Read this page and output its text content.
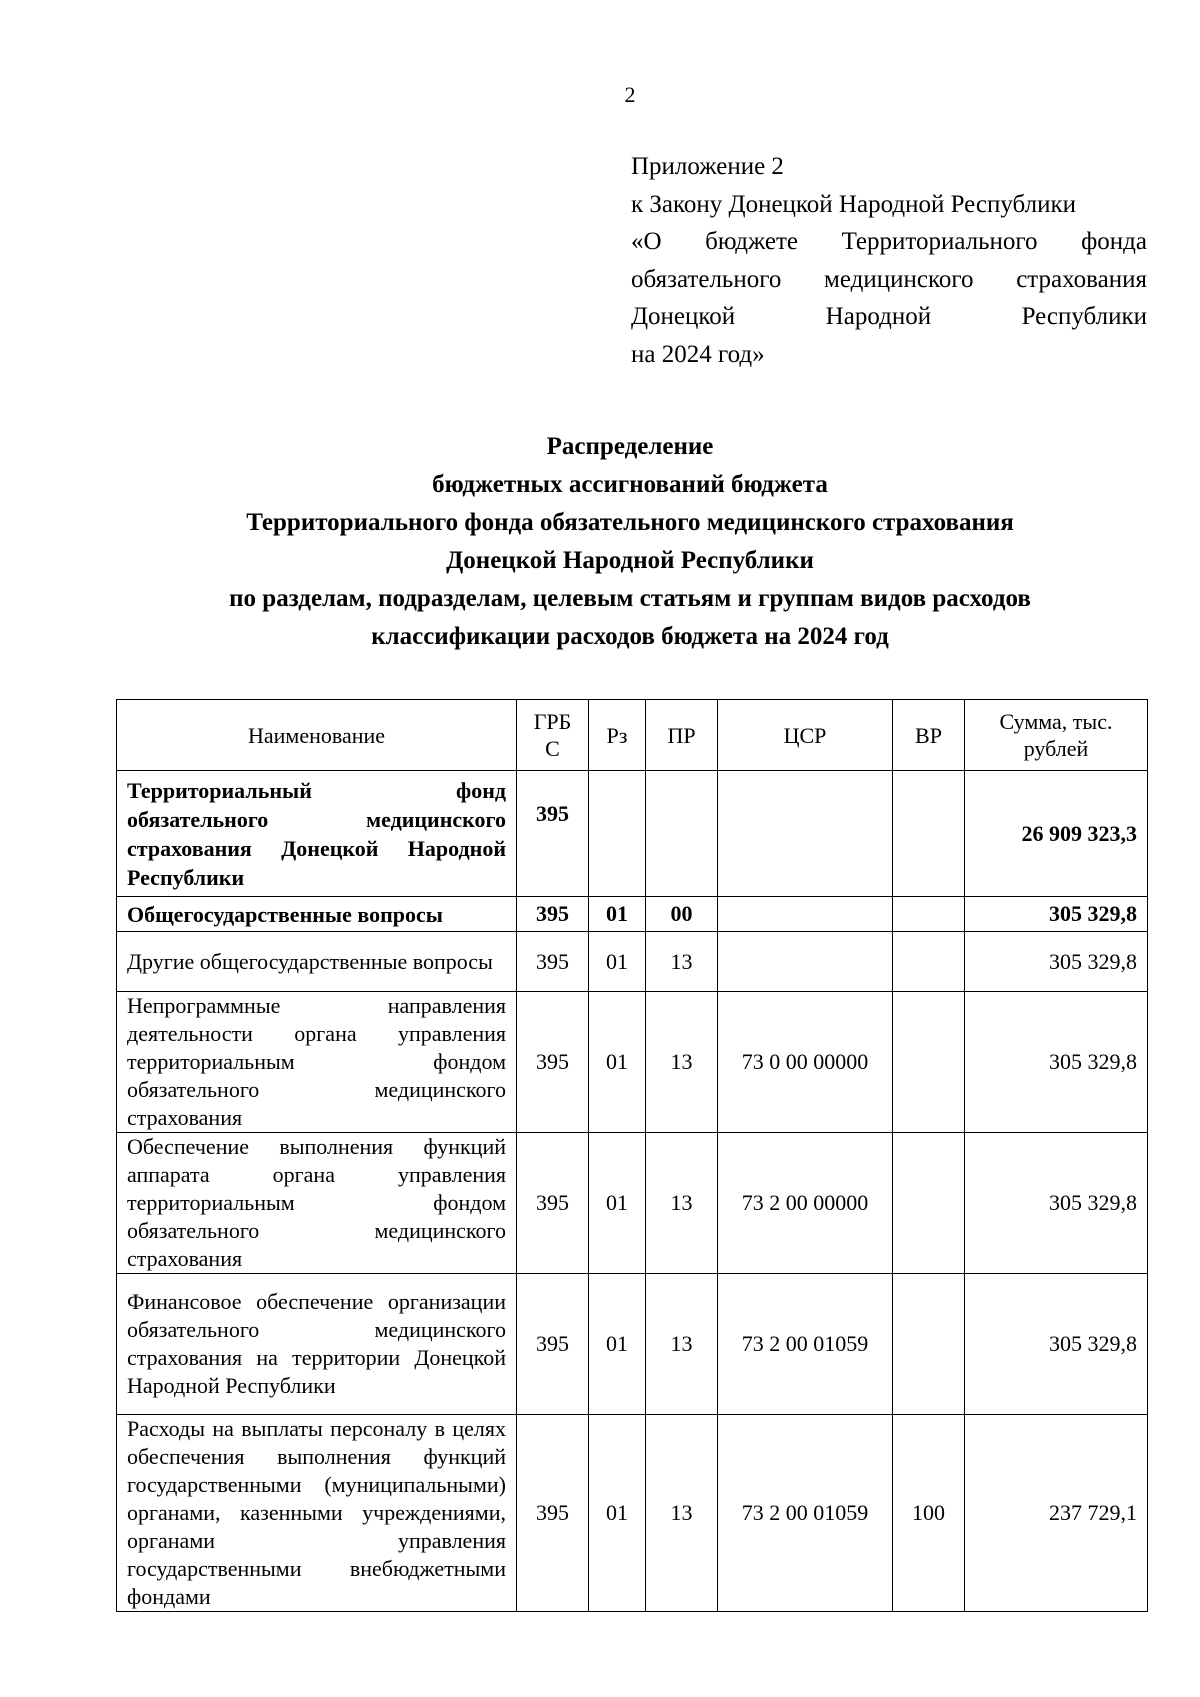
2
Приложение 2
к Закону Донецкой Народной Республики
«О бюджете Территориального фонда
обязательного медицинского страхования
Донецкой Народной Республики
на 2024 год»
Распределение
бюджетных ассигнований бюджета
Территориального фонда обязательного медицинского страхования
Донецкой Народной Республики
по разделам, подразделам, целевым статьям и группам видов расходов
классификации расходов бюджета на 2024 год
Наименование	ГРБ С	Рз	ПР	ЦСР	ВР	Сумма, тыс. рублей
Территориальный фонд обязательного медицинского страхования Донецкой Народной Республики	395					26 909 323,3
Общегосударственные вопросы	395	01	00			305 329,8
Другие общегосударственные вопросы	395	01	13			305 329,8
Непрограммные направления деятельности органа управления территориальным фондом обязательного медицинского страхования	395	01	13	73 0 00 00000		305 329,8
Обеспечение выполнения функций аппарата органа управления территориальным фондом обязательного медицинского страхования	395	01	13	73 2 00 00000		305 329,8
Финансовое обеспечение организации обязательного медицинского страхования на территории Донецкой Народной Республики	395	01	13	73 2 00 01059		305 329,8
Расходы на выплаты персоналу в целях обеспечения выполнения функций государственными (муниципальными) органами, казенными учреждениями, органами управления государственными внебюджетными фондами	395	01	13	73 2 00 01059	100	237 729,1
